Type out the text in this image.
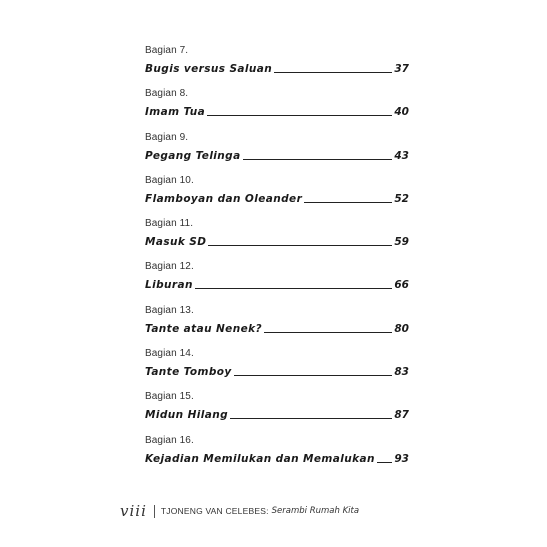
Bagian 7.
Bugis versus Saluan	37
Bagian 8.
Imam Tua	40
Bagian 9.
Pegang Telinga	43
Bagian 10.
Flamboyan dan Oleander	52
Bagian 11.
Masuk SD	59
Bagian 12.
Liburan	66
Bagian 13.
Tante atau Nenek?	80
Bagian 14.
Tante Tomboy	83
Bagian 15.
Midun Hilang	87
Bagian 16.
Kejadian Memilukan dan Memalukan 93
viii TJONENG VAN CELEBES: Serambi Rumah Kita
